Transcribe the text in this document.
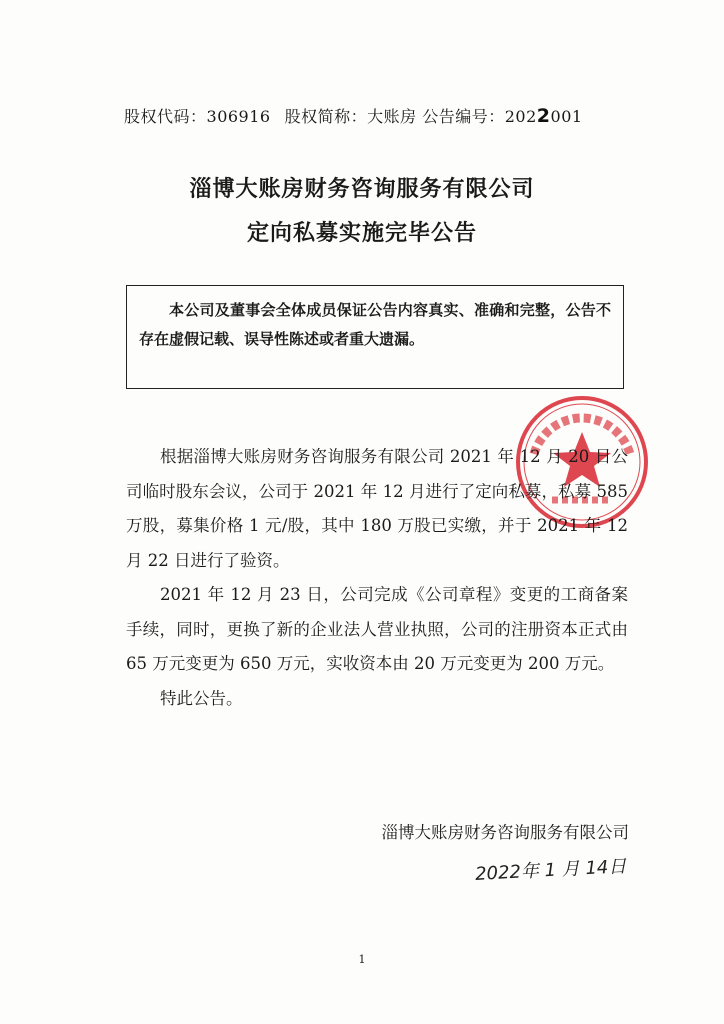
股权代码：306916 股权简称：大账房 公告编号：2022001
淄博大账房财务咨询服务有限公司
定向私募实施完毕公告
本公司及董事会全体成员保证公告内容真实、准确和完整，公告不存在虚假记载、误导性陈述或者重大遗漏。

根据淄博大账房财务咨询服务有限公司 2021 年 12 月 20 日公司临时股东会议，公司于 2021 年 12 月进行了定向私募，私募 585 万股，募集价格 1 元/股，其中 180 万股已实缴，并于 2021 年 12 月 22 日进行了验资。

2021 年 12 月 23 日，公司完成《公司章程》变更的工商备案手续，同时，更换了新的企业法人营业执照，公司的注册资本正式由 65 万元变更为 650 万元，实收资本由 20 万元变更为 200 万元。

特此公告。

淄博大账房财务咨询服务有限公司
2022年 1 月 14日
1
